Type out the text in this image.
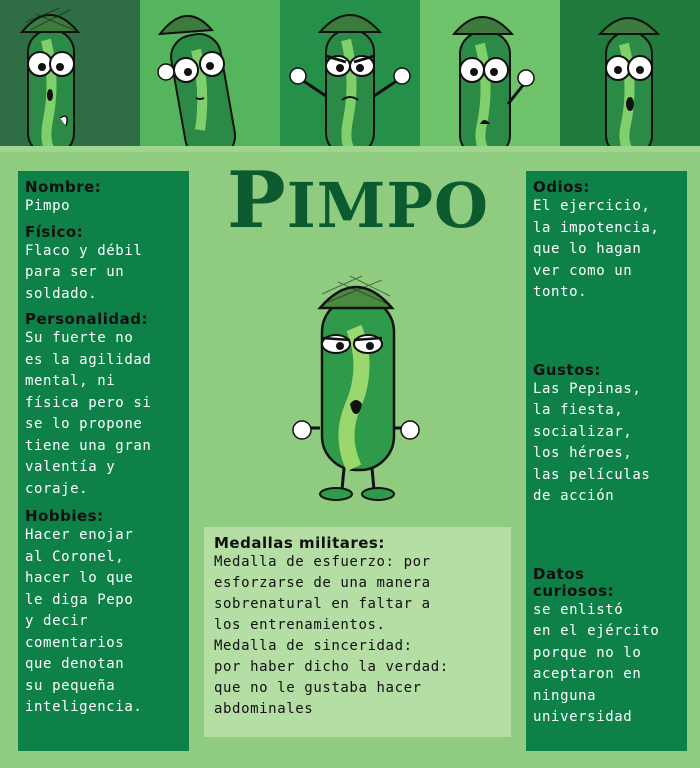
PIMPO
Nombre:
Pimpo
Físico:
Flaco y débil
para ser un
soldado.
Personalidad:
Su fuerte no
es la agilidad
mental, ni
física pero si
se lo propone
tiene una gran
valentía y
coraje.
Hobbies:
Hacer enojar
al Coronel,
hacer lo que
le diga Pepo
y decir
comentarios
que denotan
su pequeña
inteligencia.
Odios:
El ejercicio,
la impotencia,
que lo hagan
ver como un
tonto.
Gustos:
Las Pepinas,
la fiesta,
socializar,
los héroes,
las películas
de acción
Datos
curiosos:
se enlistó
en el ejército
porque no lo
aceptaron en
ninguna
universidad
Medallas militares:
Medalla de esfuerzo: por
esforzarse de una manera
sobrenatural en faltar a
los entrenamientos.
Medalla de sinceridad:
por haber dicho la verdad:
que no le gustaba hacer
abdominales
